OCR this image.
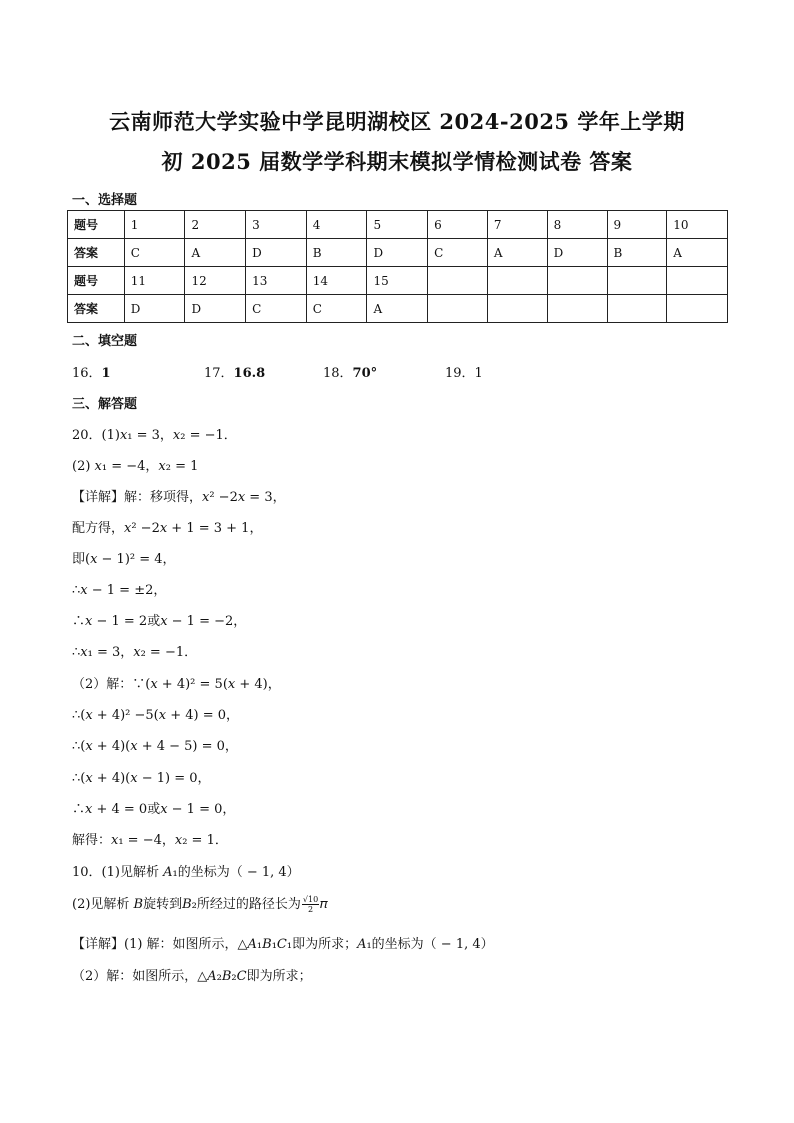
云南师范大学实验中学昆明湖校区 2024-2025 学年上学期
初 2025 届数学学科期末模拟学情检测试卷 答案
一、选择题
题号	1	2	3	4	5	6	7	8	9	10
答案	C	A	D	B	D	C	A	D	B	A
题号	11	12	13	14	15					
答案	D	D	C	C	A					
二、填空题
16．1	17．16.8	18．70°	19．1
三、解答题
20．(1)𝑥₁ = 3，𝑥₂ = −1．
(2) 𝑥₁ = −4，𝑥₂ = 1
【详解】解：移项得，𝑥² −2𝑥 = 3，
配方得，𝑥² −2𝑥 + 1 = 3 + 1，
即(𝑥 − 1)² = 4，
∴𝑥 − 1 = ±2，
∴𝑥 − 1 = 2或𝑥 − 1 = −2，
∴𝑥₁ = 3，𝑥₂ = −1．
（2）解：∵(𝑥 + 4)² = 5(𝑥 + 4)，
∴(𝑥 + 4)² −5(𝑥 + 4) = 0，
∴(𝑥 + 4)(𝑥 + 4 − 5) = 0，
∴(𝑥 + 4)(𝑥 − 1) = 0，
∴𝑥 + 4 = 0或𝑥 − 1 = 0，
解得：𝑥₁ = −4，𝑥₂ = 1．
10．(1)见解析 𝐴₁的坐标为（ − 1, 4）
(2)见解析 𝐵旋转到𝐵₂所经过的路径长为 $\frac{√10}{2}$ 𝜋
【详解】(1) 解：如图所示，△𝐴₁𝐵₁𝐶₁即为所求；𝐴₁的坐标为（ − 1, 4）
（2）解：如图所示，△𝐴₂𝐵₂𝐶即为所求；
